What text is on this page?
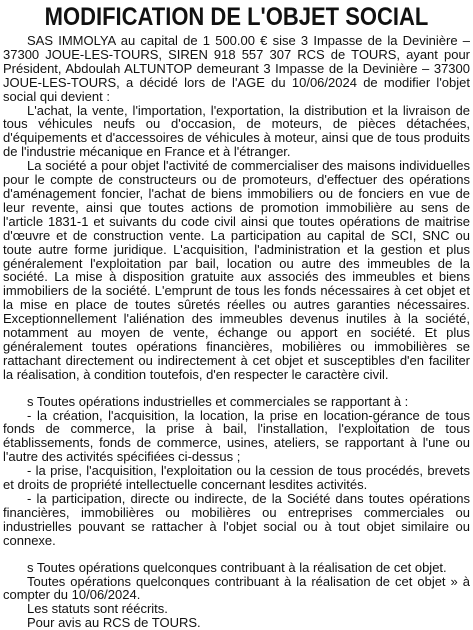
MODIFICATION DE L'OBJET SOCIAL

SAS IMMOLYA au capital de 1 500.00 € sise 3 Impasse de la Devinière – 37300 JOUE-LES-TOURS, SIREN 918 557 307 RCS de TOURS, ayant pour Président, Abdoulah ALTUNTOP demeurant 3 Impasse de la Devinière – 37300 JOUE-LES-TOURS, a décidé lors de l'AGE du 10/06/2024 de modifier l'objet social qui devient :

L'achat, la vente, l'importation, l'exportation, la distribution et la livraison de tous véhicules neufs ou d'occasion, de moteurs, de pièces détachées, d'équipements et d'accessoires de véhicules à moteur, ainsi que de tous produits de l'industrie mécanique en France et à l'étranger.

La société a pour objet l'activité de commercialiser des maisons individuelles pour le compte de constructeurs ou de promoteurs, d'effectuer des opérations d'aménagement foncier, l'achat de biens immobiliers ou de fonciers en vue de leur revente, ainsi que toutes actions de promotion immobilière au sens de l'article 1831-1 et suivants du code civil ainsi que toutes opérations de maitrise d'œuvre et de construction vente. La participation au capital de SCI, SNC ou toute autre forme juridique. L'acquisition, l'administration et la gestion et plus généralement l'exploitation par bail, location ou autre des immeubles de la société. La mise à disposition gratuite aux associés des immeubles et biens immobiliers de la société. L'emprunt de tous les fonds nécessaires à cet objet et la mise en place de toutes sûretés réelles ou autres garanties nécessaires. Exceptionnellement l'aliénation des immeubles devenus inutiles à la société, notamment au moyen de vente, échange ou apport en société. Et plus généralement toutes opérations financières, mobilières ou immobilières se rattachant directement ou indirectement à cet objet et susceptibles d'en faciliter la réalisation, à condition toutefois, d'en respecter le caractère civil.

s Toutes opérations industrielles et commerciales se rapportant à :

- la création, l'acquisition, la location, la prise en location-gérance de tous fonds de commerce, la prise à bail, l'installation, l'exploitation de tous établissements, fonds de commerce, usines, ateliers, se rapportant à l'une ou l'autre des activités spécifiées ci-dessus ;

- la prise, l'acquisition, l'exploitation ou la cession de tous procédés, brevets et droits de propriété intellectuelle concernant lesdites activités.

- la participation, directe ou indirecte, de la Société dans toutes opérations financières, immobilières ou mobilières ou entreprises commerciales ou industrielles pouvant se rattacher à l'objet social ou à tout objet similaire ou connexe.

s Toutes opérations quelconques contribuant à la réalisation de cet objet.

Toutes opérations quelconques contribuant à la réalisation de cet objet » à compter du 10/06/2024.

Les statuts sont réécrits.

Pour avis au RCS de TOURS.
